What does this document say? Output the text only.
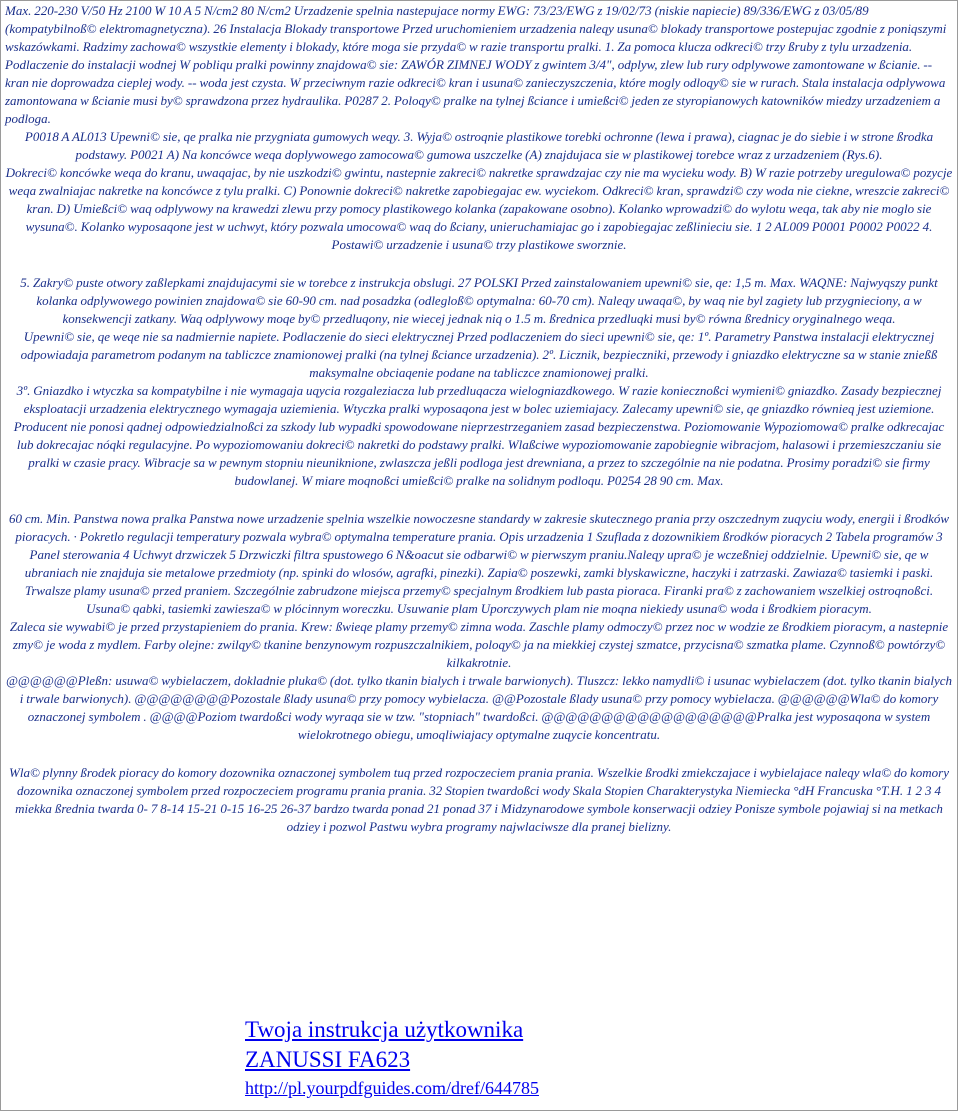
Max. 220-230 V/50 Hz 2100 W 10 A 5 N/cm2 80 N/cm2 Urzadzenie spelnia nastepujace normy EWG: 73/23/EWG z 19/02/73 (niskie napiecie) 89/336/EWG z 03/05/89 (kompatybilnoß© elektromagnetyczna). 26 Instalacja Blokady transportowe Przed uruchomieniem urzadzenia naleqy usuna© blokady transportowe postepujac zgodnie z poniqszymi wskazówkami. Radzimy zachowa© wszystkie elementy i blokady, które moga sie przyda© w razie transportu pralki. 1. Za pomoca klucza odkreci© trzy ßruby z tylu urzadzenia. Podlaczenie do instalacji wodnej W pobliqu pralki powinny znajdowa© sie: ZAWÓR ZIMNEJ WODY z gwintem 3/4", odplyw, zlew lub rury odplywowe zamontowane w ßcianie. -- kran nie doprowadza cieplej wody. -- woda jest czysta. W przeciwnym razie odkreci© kran i usuna© zanieczyszczenia, które mogly odloqy© sie w rurach. Stala instalacja odplywowa zamontowana w ßcianie musi by© sprawdzona przez hydraulika. P0287 2. Poloqy© pralke na tylnej ßciance i umießci© jeden ze styropianowych katowników miedzy urzadzeniem a podloga.

P0018 A AL013 Upewni© sie, qe pralka nie przygniata gumowych weqy. 3. Wyja© ostroqnie plastikowe torebki ochronne (lewa i prawa), ciagnac je do siebie i w strone ßrodka podstawy. P0021 A) Na koncówce weqa doplywowego zamocowa© gumowa uszczelke (A) znajdujaca sie w plastikowej torebce wraz z urzadzeniem (Rys.6).

Dokreci© koncówke weqa do kranu, uwaqajac, by nie uszkodzi© gwintu, nastepnie zakreci© nakretke sprawdzajac czy nie ma wycieku wody. B) W razie potrzeby uregulowa© pozycje weqa zwalniajac nakretke na koncówce z tylu pralki. C) Ponownie dokreci© nakretke zapobiegajac ew. wyciekom. Odkreci© kran, sprawdzi© czy woda nie ciekne, wreszcie zakreci© kran. D) Umießci© waq odplywowy na krawedzi zlewu przy pomocy plastikowego kolanka (zapakowane osobno). Kolanko wprowadzi© do wylotu weqa, tak aby nie moglo sie wysuna©. Kolanko wyposaqone jest w uchwyt, który pozwala umocowa© waq do ßciany, unieruchamiajac go i zapobiegajac zeßlinieciu sie. 1 2 AL009 P0001 P0002 P0022 4. Postawi© urzadzenie i usuna© trzy plastikowe sworznie.

5. Zakry© puste otwory zaßlepkami znajdujacymi sie w torebce z instrukcja obslugi. 27 POLSKI Przed zainstalowaniem upewni© sie, qe: 1,5 m. Max. WAQNE: Najwyqszy punkt kolanka odplywowego powinien znajdowa© sie 60-90 cm. nad posadzka (odlegloß© optymalna: 60-70 cm). Naleqy uwaqa©, by waq nie byl zagiety lub przygnieciony, a w konsekwencji zatkany. Waq odplywowy moqe by© przedluqony, nie wiecej jednak niq o 1.5 m. ßrednica przedluqki musi by© równa ßrednicy oryginalnego weqa.

Upewni© sie, qe weqe nie sa nadmiernie napiete. Podlaczenie do sieci elektrycznej Przed podlaczeniem do sieci upewni© sie, qe: 1º. Parametry Panstwa instalacji elektrycznej odpowiadaja parametrom podanym na tabliczce znamionowej pralki (na tylnej ßciance urzadzenia). 2º. Licznik, bezpieczniki, przewody i gniazdko elektryczne sa w stanie znießß maksymalne obciaqenie podane na tabliczce znamionowej pralki.

3º. Gniazdko i wtyczka sa kompatybilne i nie wymagaja uqycia rozgaleziacza lub przedluqacza wielogniazdkowego. W razie koniecznoßci wymieni© gniazdko. Zasady bezpiecznej eksploatacji urzadzenia elektrycznego wymagaja uziemienia. Wtyczka pralki wyposaqona jest w bolec uziemiajacy. Zalecamy upewni© sie, qe gniazdko równieq jest uziemione. Producent nie ponosi qadnej odpowiedzialnoßci za szkody lub wypadki spowodowane nieprzestrzeganiem zasad bezpieczenstwa. Poziomowanie Wypoziomowa© pralke odkrecajac lub dokrecajac nóqki regulacyjne. Po wypoziomowaniu dokreci© nakretki do podstawy pralki. Wlaßciwe wypoziomowanie zapobiegnie wibracjom, halasowi i przemieszczaniu sie pralki w czasie pracy. Wibracje sa w pewnym stopniu nieuniknione, zwlaszcza jeßli podloga jest drewniana, a przez to szczególnie na nie podatna. Prosimy poradzi© sie firmy budowlanej. W miare moqnoßci umießci© pralke na solidnym podloqu. P0254 28 90 cm. Max.

60 cm. Min. Panstwa nowa pralka Panstwa nowe urzadzenie spelnia wszelkie nowoczesne standardy w zakresie skutecznego prania przy oszczednym zuqyciu wody, energii i ßrodków pioracych. · Pokretlo regulacji temperatury pozwala wybra© optymalna temperature prania. Opis urzadzenia 1 Szuflada z dozownikiem ßrodków pioracych 2 Tabela programów 3 Panel sterowania 4 Uchwyt drzwiczek 5 Drzwiczki filtra spustowego 6 N&oacut sie odbarwi© w pierwszym praniu.Naleqy upra© je wczeßniej oddzielnie. Upewni© sie, qe w ubraniach nie znajduja sie metalowe przedmioty (np. spinki do wlosów, agrafki, pinezki). Zapia© poszewki, zamki blyskawiczne, haczyki i zatrzaski. Zawiaza© tasiemki i paski.

Trwalsze plamy usuna© przed praniem. Szczególnie zabrudzone miejsca przemy© specjalnym ßrodkiem lub pasta pioraca. Firanki pra© z zachowaniem wszelkiej ostroqnoßci. Usuna© qabki, tasiemki zawiesza© w plócinnym woreczku. Usuwanie plam Uporczywych plam nie moqna niekiedy usuna© woda i ßrodkiem pioracym.

Zaleca sie wywabi© je przed przystapieniem do prania. Krew: ßwieqe plamy przemy© zimna woda. Zaschle plamy odmoczy© przez noc w wodzie ze ßrodkiem pioracym, a nastepnie zmy© je woda z mydlem. Farby olejne: zwilqy© tkanine benzynowym rozpuszczalnikiem, poloqy© ja na miekkiej czystej szmatce, przycisna© szmatka plame. Czynnoß© powtórzy© kilkakrotnie.

@@@@@@Pleßn: usuwa© wybielaczem, dokladnie pluka© (dot. tylko tkanin bialych i trwale barwionych). Tluszcz: lekko namydli© i usunac wybielaczem (dot. tylko tkanin bialych i trwale barwionych). @@@@@@@@Pozostale ßlady usuna© przy pomocy wybielacza. @@Pozostale ßlady usuna© przy pomocy wybielacza. @@@@@@Wla© do komory oznaczonej symbolem . @@@@Poziom twardoßci wody wyraqa sie w tzw. "stopniach" twardoßci. @@@@@@@@@@@@@@@@@@Pralka jest wyposaqona w system wielokrotnego obiegu, umoqliwiajacy optymalne zuqycie koncentratu.

Wla© plynny ßrodek pioracy do komory dozownika oznaczonej symbolem tuq przed rozpoczeciem prania prania. Wszelkie ßrodki zmiekczajace i wybielajace naleqy wla© do komory dozownika oznaczonej symbolem przed rozpoczeciem programu prania prania. 32 Stopien twardoßci wody Skala Stopien Charakterystyka Niemiecka °dH Francuska °T.H. 1 2 3 4 miekka ßrednia twarda 0- 7 8-14 15-21 0-15 16-25 26-37 bardzo twarda ponad 21 ponad 37 i Midzynarodowe symbole konserwacji odziey Ponisze symbole pojawiaj si na metkach odziey i pozwol Pastwu wybra programy najwlaciwsze dla pranej bielizny.

Twoja instrukcja użytkownika
ZANUSSI FA623
http://pl.yourpdfguides.com/dref/644785
